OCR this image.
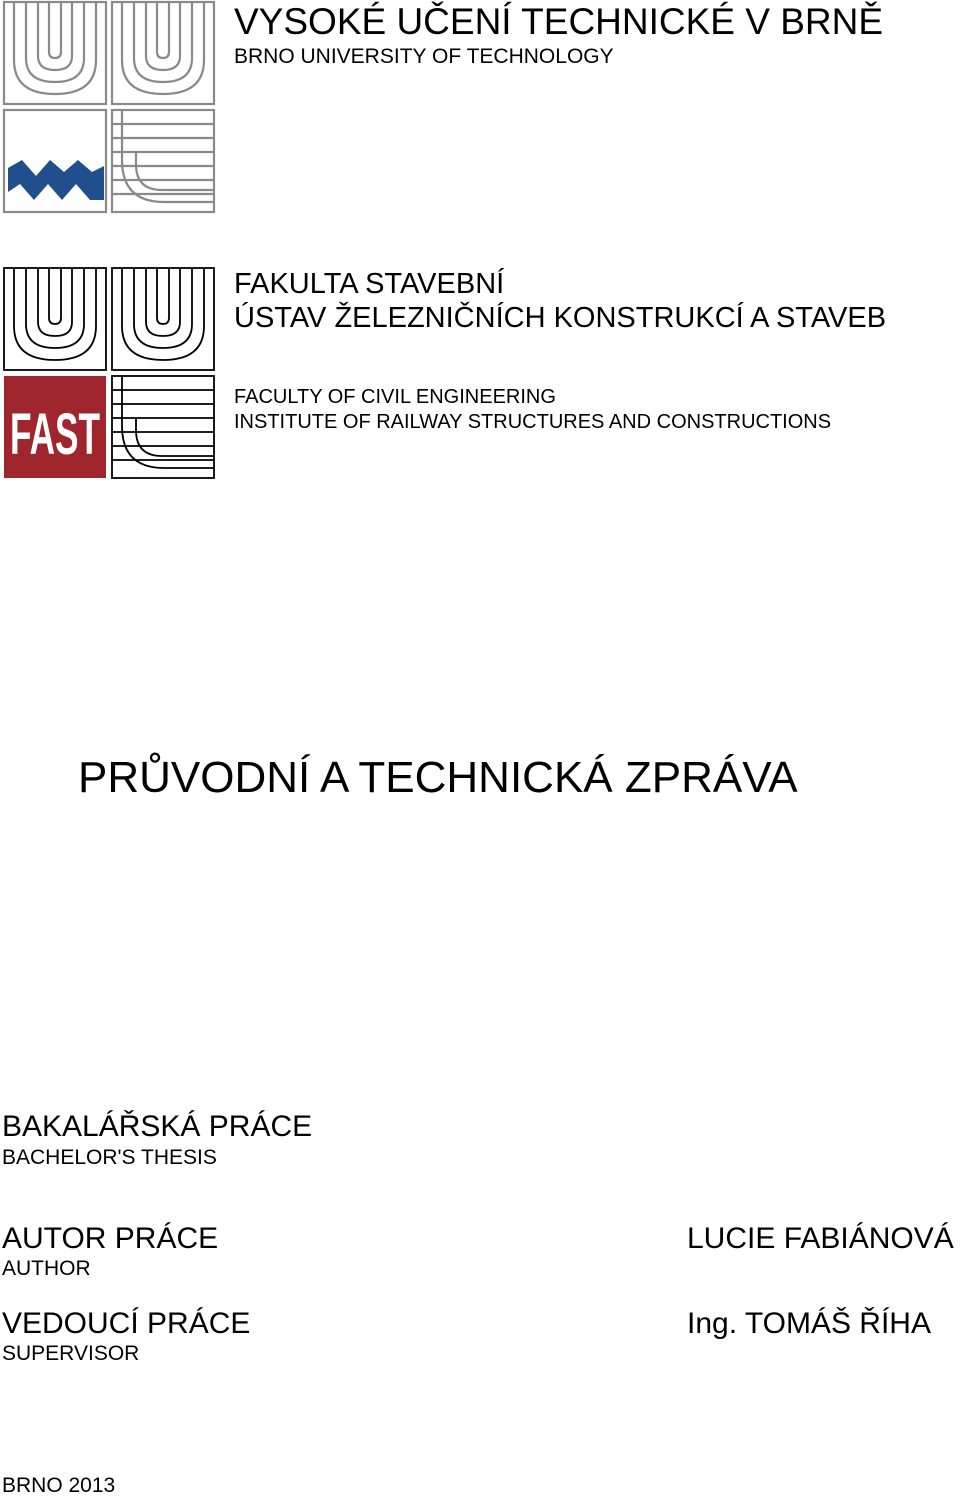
FAST
VYSOKÉ UČENÍ TECHNICKÉ V BRNĚ
BRNO UNIVERSITY OF TECHNOLOGY
FAKULTA STAVEBNÍ
ÚSTAV ŽELEZNIČNÍCH KONSTRUKCÍ A STAVEB
FACULTY OF CIVIL ENGINEERING
INSTITUTE OF RAILWAY STRUCTURES AND CONSTRUCTIONS
PRŮVODNÍ A TECHNICKÁ ZPRÁVA
BAKALÁŘSKÁ PRÁCE
BACHELOR'S THESIS
AUTOR PRÁCE
AUTHOR
LUCIE FABIÁNOVÁ
VEDOUCÍ PRÁCE
SUPERVISOR
Ing. TOMÁŠ ŘÍHA
BRNO 2013
